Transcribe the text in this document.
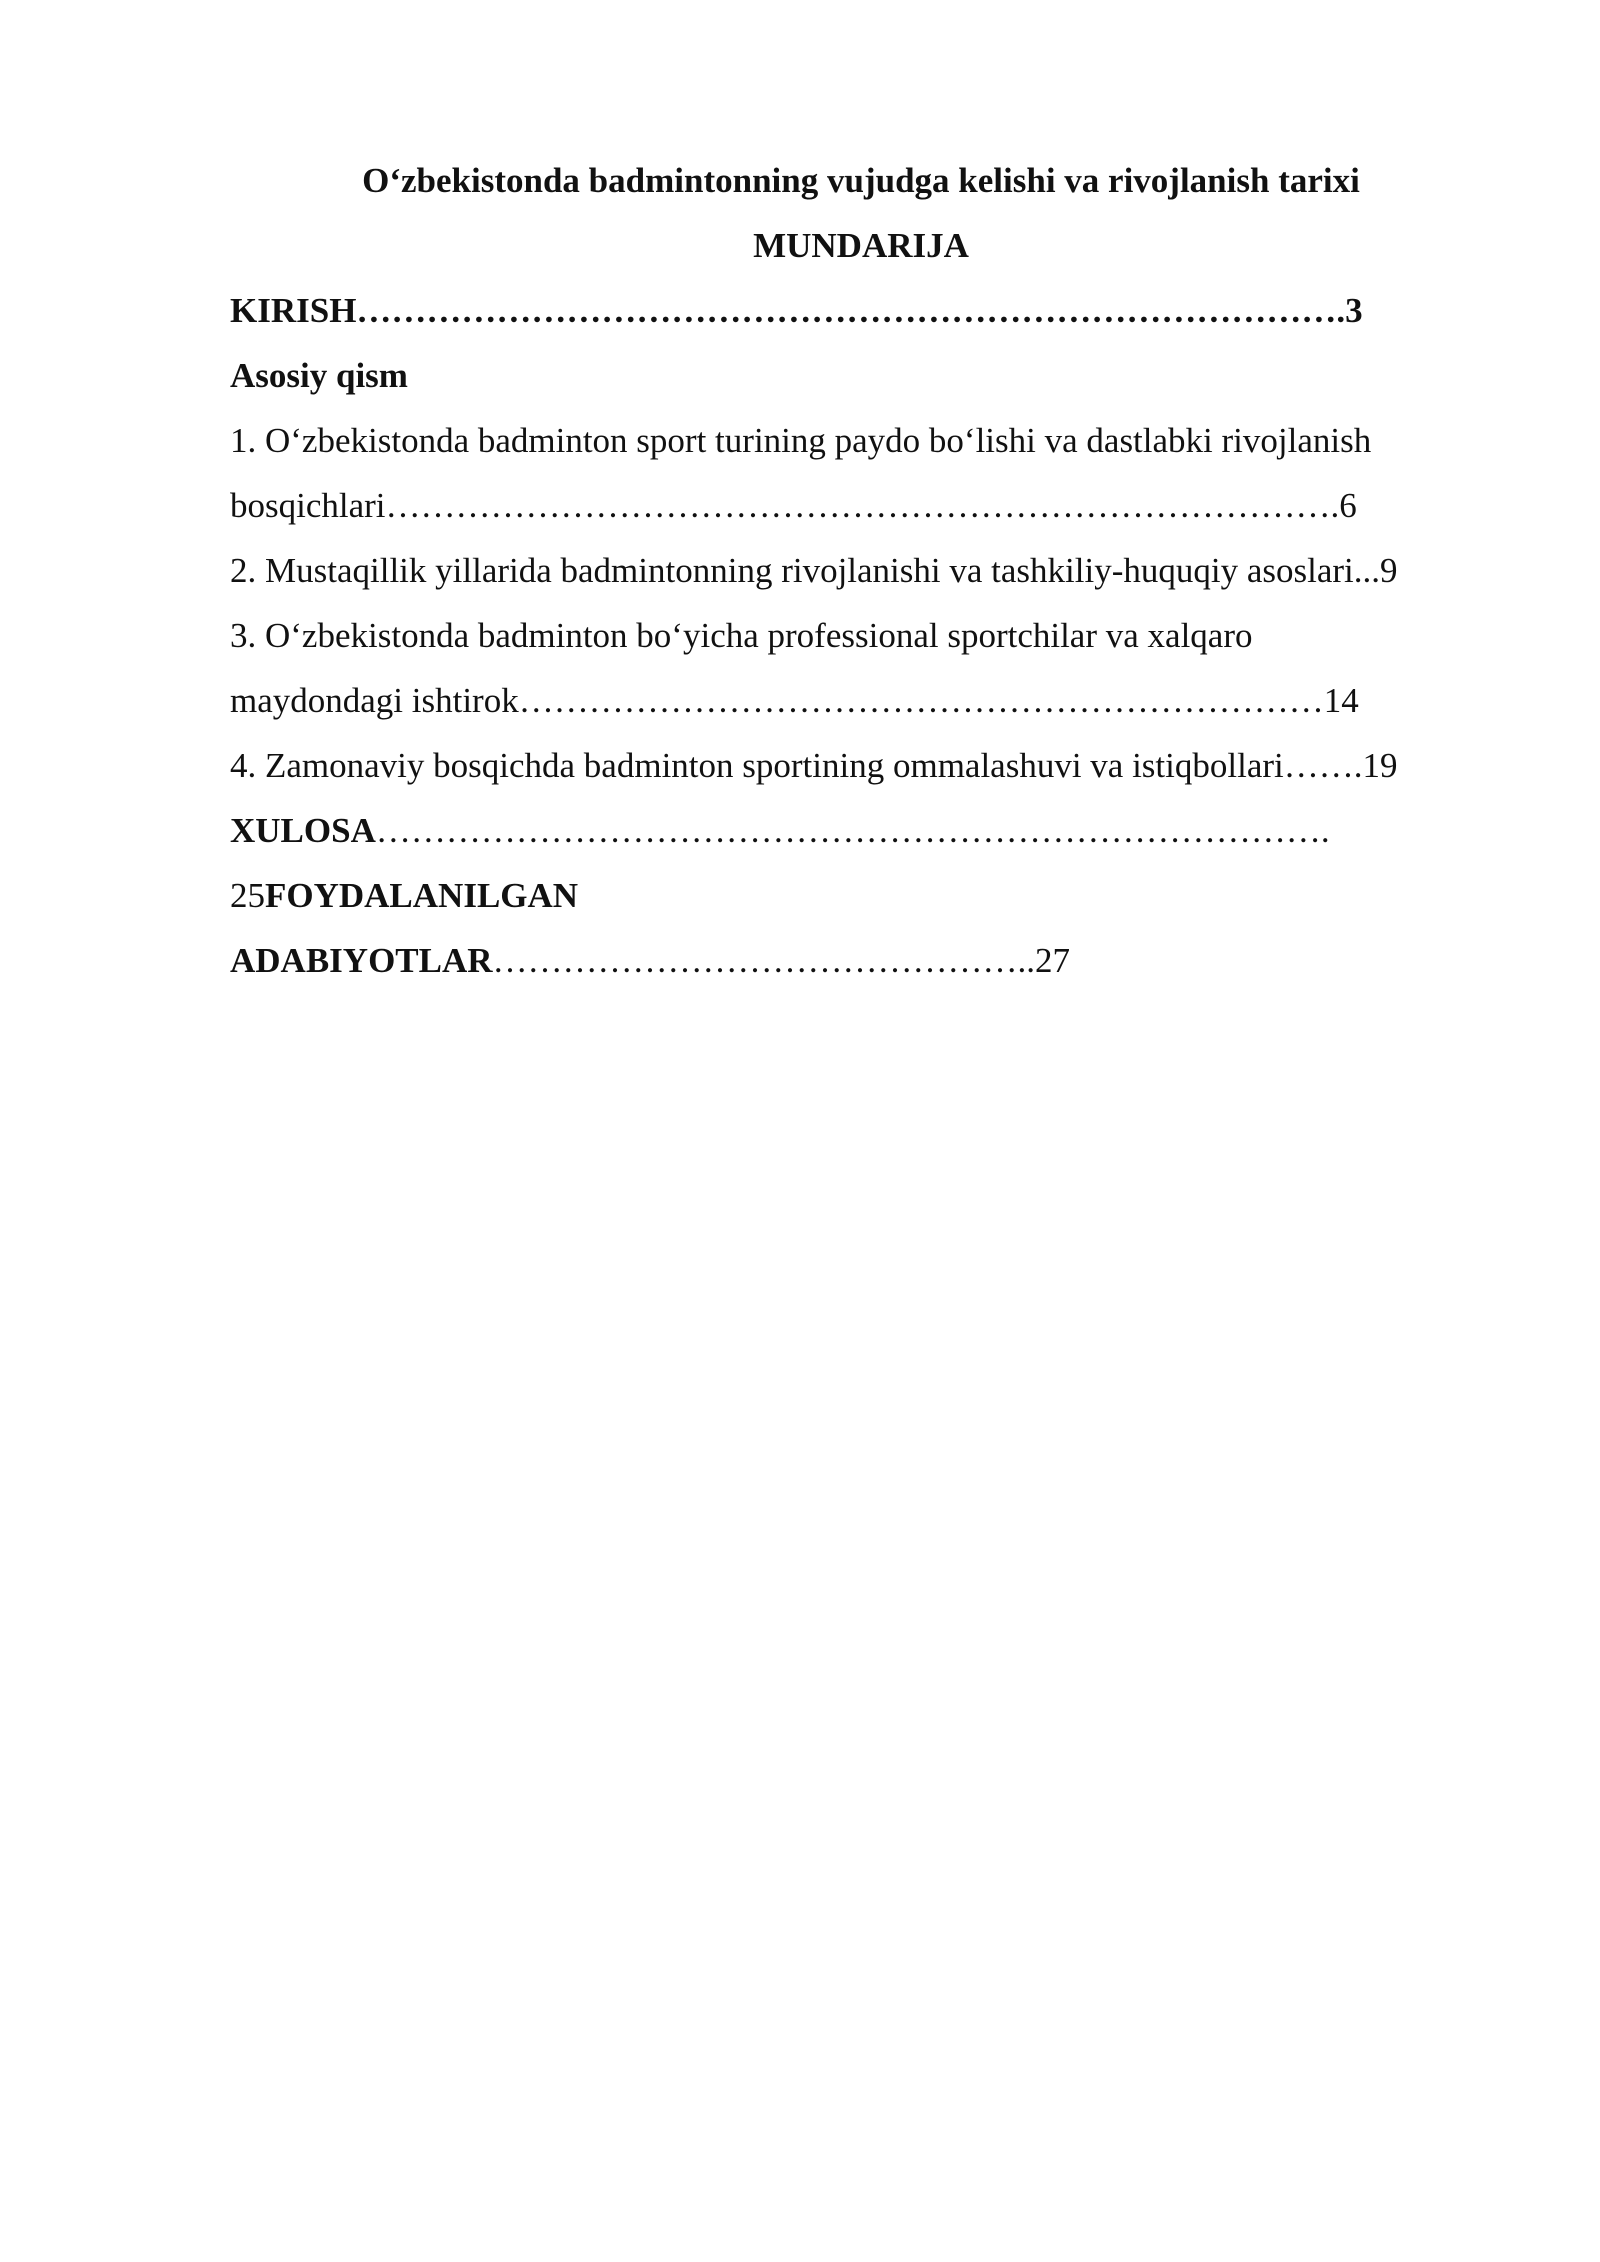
O‘zbekistonda badmintonning vujudga kelishi va rivojlanish tarixi

MUNDARIJA

KIRISH………………………………………………………………………….3

Asosiy qism

1. O‘zbekistonda badminton sport turining paydo bo‘lishi va dastlabki rivojlanish

bosqichlari……………………………………………………………………….6

2. Mustaqillik yillarida badmintonning rivojlanishi va tashkiliy-huquqiy asoslari...9

3. O‘zbekistonda badminton bo‘yicha professional sportchilar va xalqaro

maydondagi ishtirok……………………………………………………………14

4. Zamonaviy bosqichda badminton sportining ommalashuvi va istiqbollari…….19

XULOSA……………………………………………………………………….

25FOYDALANILGAN

ADABIYOTLAR………………………………………..27
